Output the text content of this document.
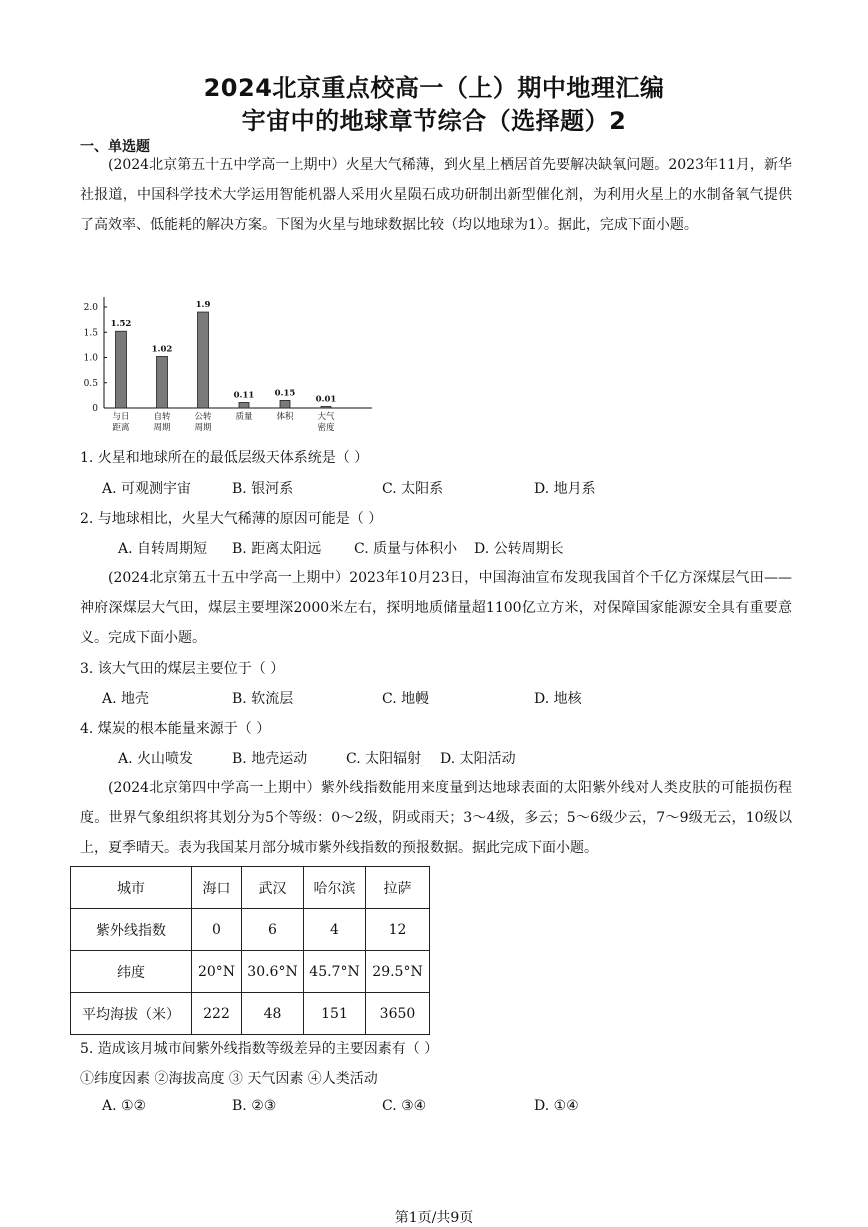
2024北京重点校高一（上）期中地理汇编
宇宙中的地球章节综合（选择题）2
一、单选题
(2024北京第五十五中学高一上期中）火星大气稀薄，到火星上栖居首先要解决缺氧问题。2023年11月，新华社报道，中国科学技术大学运用智能机器人采用火星陨石成功研制出新型催化剂，为利用火星上的水制备氧气提供了高效率、低能耗的解决方案。下图为火星与地球数据比较（均以地球为1）。据此，完成下面小题。
0
0.5
1.0
1.5
2.0
1.52
与日
距离
1.02
自转
周期
1.9
公转
周期
0.11
质量
0.15
体积
0.01
大气
密度
1. 火星和地球所在的最低层级天体系统是（ ）
A. 可观测宇宙	B. 银河系	C. 太阳系	D. 地月系
2. 与地球相比，火星大气稀薄的原因可能是（ ）
A. 自转周期短 B. 距离太阳远 C. 质量与体积小 D. 公转周期长
(2024北京第五十五中学高一上期中）2023年10月23日，中国海油宣布发现我国首个千亿方深煤层气田——神府深煤层大气田，煤层主要埋深2000米左右，探明地质储量超1100亿立方米，对保障国家能源安全具有重要意义。完成下面小题。
3. 该大气田的煤层主要位于（ ）
A. 地壳	B. 软流层	C. 地幔	D. 地核
4. 煤炭的根本能量来源于（ ）
A. 火山喷发	B. 地壳运动	C. 太阳辐射 D. 太阳活动
(2024北京第四中学高一上期中）紫外线指数能用来度量到达地球表面的太阳紫外线对人类皮肤的可能损伤程度。世界气象组织将其划分为5个等级：0～2级，阴或雨天；3～4级，多云；5～6级少云，7～9级无云，10级以上，夏季晴天。表为我国某月部分城市紫外线指数的预报数据。据此完成下面小题。
城市	海口	武汉	哈尔滨	拉萨
紫外线指数	0	6	4	12
纬度	20°N	30.6°N	45.7°N	29.5°N
平均海拔（米）	222	48	151	3650
5. 造成该月城市间紫外线指数等级差异的主要因素有（ ）
①纬度因素 ②海拔高度 ③ 天气因素 ④人类活动
A. ①②	B. ②③	C. ③④	D. ①④
第1页/共9页
